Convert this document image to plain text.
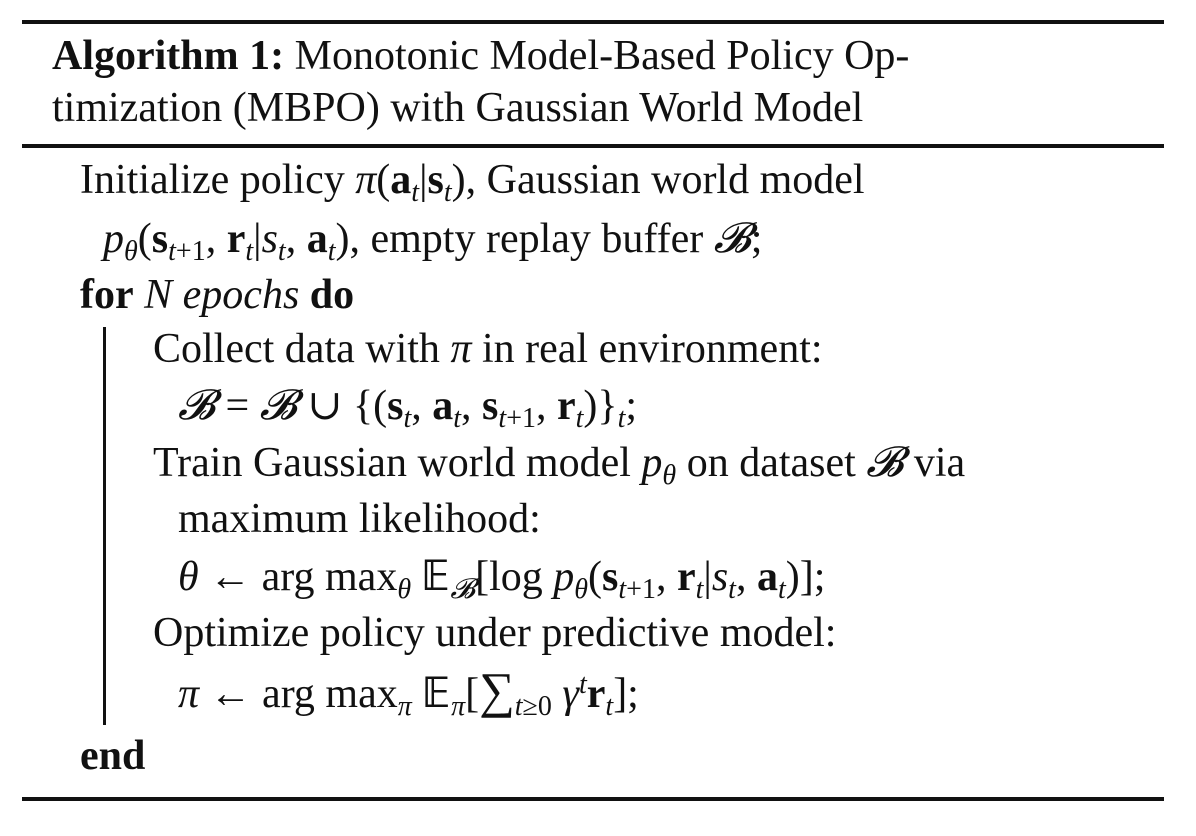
Algorithm 1: Monotonic Model-Based Policy Op-
timization (MBPO) with Gaussian World Model
Initialize policy $\pi(a_t|s_t)$, Gaussian world model
$p_\theta(s_{t+1}$, $r_t|s_t$, $a_t$), empty replay buffer 𝓑;
for N epochs do
Collect data with π in real environment:
𝓑 = 𝓑 ∪ {($s_t$, $a_t$, $s_{t+1}$, $r_t)\}_t$;
Train Gaussian world model $p_\theta$ on dataset 𝓑 via
maximum likelihood:
θ ← arg $\max_\theta$ 𝔼$_𝓑$[log $p_\theta(s_{t+1}$, $r_t|s_t$, $a_t$)];
Optimize policy under predictive model:
π ← arg $\max_\pi$ $𝔼_\pi[\sum_{t\ge 0}$ $\gamma^tr_t$];
end
